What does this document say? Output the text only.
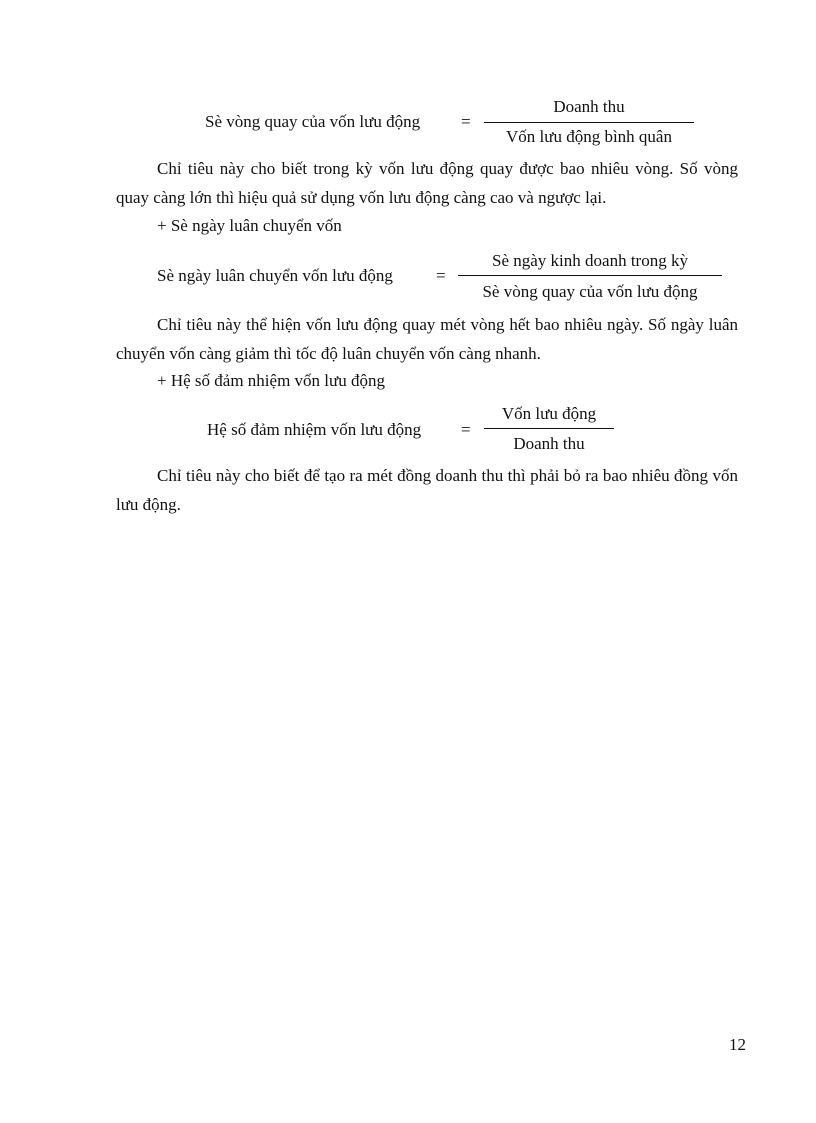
Sè vòng quay của vốn lưu động =
Doanh thu
Vốn lưu động bình quân
Chỉ tiêu này cho biết trong kỳ vốn lưu động quay được bao nhiêu vòng. Số vòng quay càng lớn thì hiệu quả sử dụng vốn lưu động càng cao và ngược lại.
+ Sè ngày luân chuyển vốn
Sè ngày luân chuyển vốn lưu động	=
Sè ngày kinh doanh trong kỳ
Sè vòng quay của vốn lưu động
Chỉ tiêu này thể hiện vốn lưu động quay mét vòng hết bao nhiêu ngày. Số ngày luân chuyển vốn càng giảm thì tốc độ luân chuyển vốn càng nhanh.
+ Hệ số đảm nhiệm vốn lưu động
Hệ số đảm nhiệm vốn lưu động =
Vốn lưu động
Doanh thu
Chỉ tiêu này cho biết để tạo ra mét đồng doanh thu thì phải bỏ ra bao nhiêu đồng vốn lưu động.
12
